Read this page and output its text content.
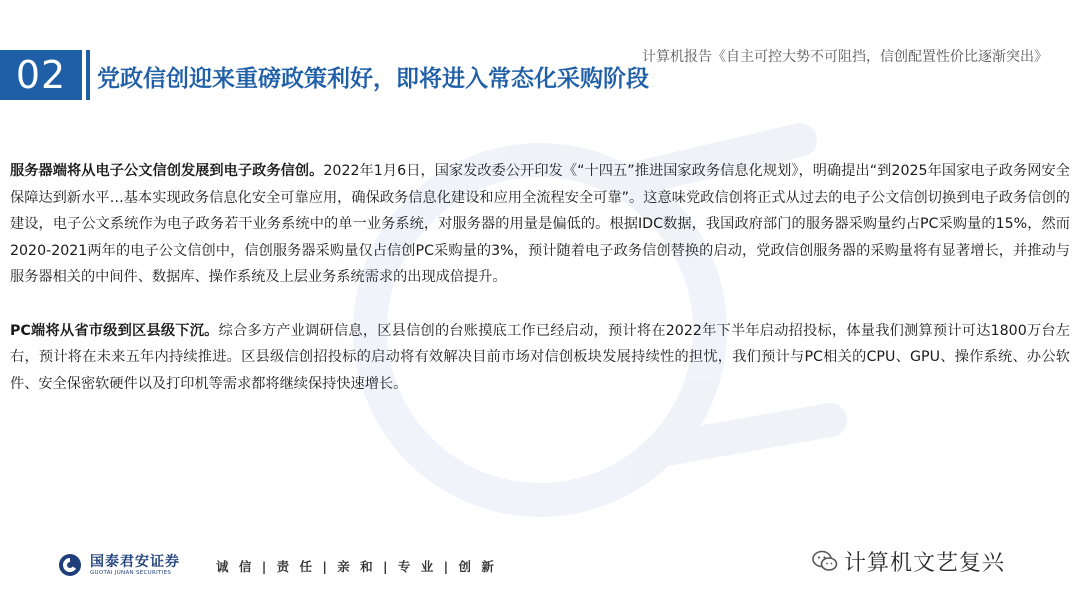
02 党政信创迎来重磅政策利好，即将进入常态化采购阶段
计算机报告《自主可控大势不可阻挡，信创配置性价比逐渐突出》

服务器端将从电子公文信创发展到电子政务信创。2022年1月6日，国家发改委公开印发《“十四五”推进国家政务信息化规划》，明确提出“到2025年国家电子政务网安全保障达到新水平…基本实现政务信息化安全可靠应用，确保政务信息化建设和应用全流程安全可靠”。这意味党政信创将正式从过去的电子公文信创切换到电子政务信创的建设，电子公文系统作为电子政务若干业务系统中的单一业务系统，对服务器的用量是偏低的。根据IDC数据，我国政府部门的服务器采购量约占PC采购量的15%，然而2020-2021两年的电子公文信创中，信创服务器采购量仅占信创PC采购量的3%，预计随着电子政务信创替换的启动，党政信创服务器的采购量将有显著增长，并推动与服务器相关的中间件、数据库、操作系统及上层业务系统需求的出现成倍提升。

PC端将从省市级到区县级下沉。综合多方产业调研信息，区县信创的台账摸底工作已经启动，预计将在2022年下半年启动招投标，体量我们测算预计可达1800万台左右，预计将在未来五年内持续推进。区县级信创招投标的启动将有效解决目前市场对信创板块发展持续性的担忧，我们预计与PC相关的CPU、GPU、操作系统、办公软件、安全保密软硬件以及打印机等需求都将继续保持快速增长。

国泰君安证券
GUOTAI JUNAN SECURITIES	诚 信 | 责 任 | 亲 和 | 专 业 | 创 新	计算机文艺复兴
